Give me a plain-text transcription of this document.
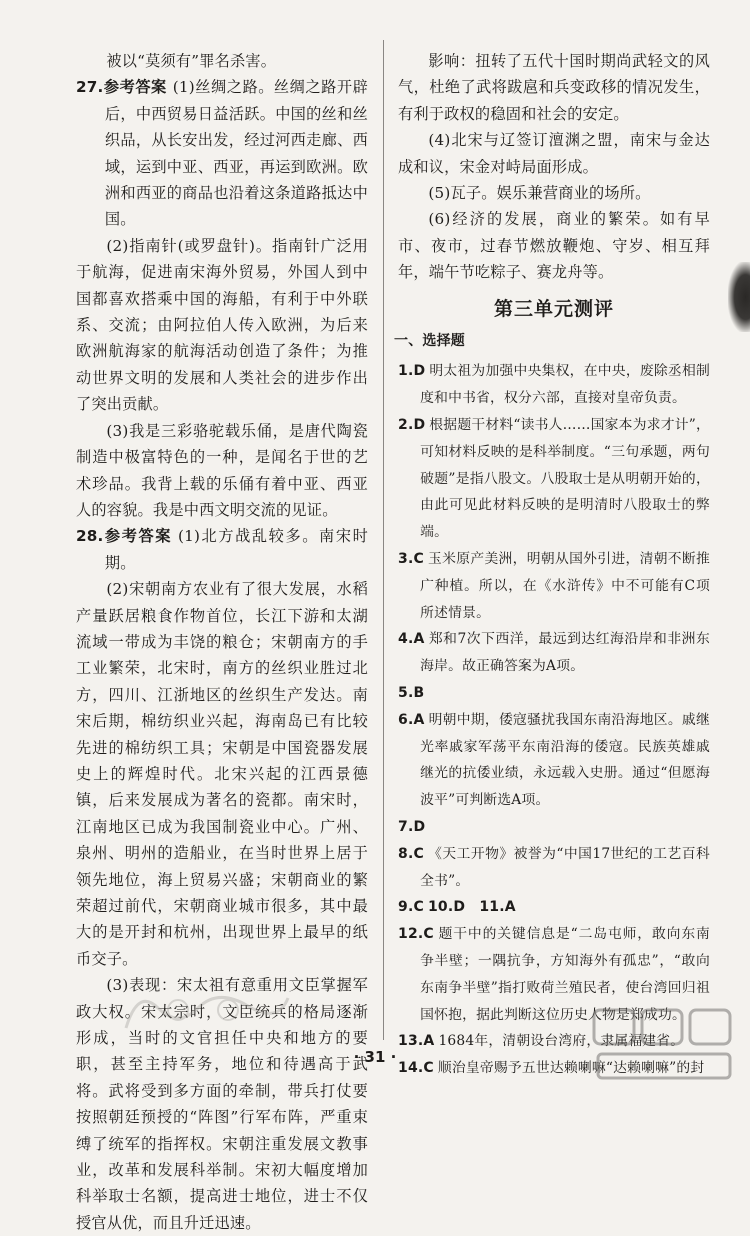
被以“莫须有”罪名杀害。

27.参考答案 (1)丝绸之路。丝绸之路开辟后，中西贸易日益活跃。中国的丝和丝织品，从长安出发，经过河西走廊、西域，运到中亚、西亚，再运到欧洲。欧洲和西亚的商品也沿着这条道路抵达中国。

(2)指南针(或罗盘针)。指南针广泛用于航海，促进南宋海外贸易，外国人到中国都喜欢搭乘中国的海船，有利于中外联系、交流；由阿拉伯人传入欧洲，为后来欧洲航海家的航海活动创造了条件；为推动世界文明的发展和人类社会的进步作出了突出贡献。

(3)我是三彩骆驼载乐俑，是唐代陶瓷制造中极富特色的一种，是闻名于世的艺术珍品。我背上载的乐俑有着中亚、西亚人的容貌。我是中西文明交流的见证。

28.参考答案 (1)北方战乱较多。南宋时期。

(2)宋朝南方农业有了很大发展，水稻产量跃居粮食作物首位，长江下游和太湖流域一带成为丰饶的粮仓；宋朝南方的手工业繁荣，北宋时，南方的丝织业胜过北方，四川、江浙地区的丝织生产发达。南宋后期，棉纺织业兴起，海南岛已有比较先进的棉纺织工具；宋朝是中国瓷器发展史上的辉煌时代。北宋兴起的江西景德镇，后来发展成为著名的瓷都。南宋时，江南地区已成为我国制瓷业中心。广州、泉州、明州的造船业，在当时世界上居于领先地位，海上贸易兴盛；宋朝商业的繁荣超过前代，宋朝商业城市很多，其中最大的是开封和杭州，出现世界上最早的纸币交子。

(3)表现：宋太祖有意重用文臣掌握军政大权。宋太宗时，文臣统兵的格局逐渐形成，当时的文官担任中央和地方的要职，甚至主持军务，地位和待遇高于武将。武将受到多方面的牵制，带兵打仗要按照朝廷预授的“阵图”行军布阵，严重束缚了统军的指挥权。宋朝注重发展文教事业，改革和发展科举制。宋初大幅度增加科举取士名额，提高进士地位，进士不仅授官从优，而且升迁迅速。

影响：扭转了五代十国时期尚武轻文的风气，杜绝了武将跋扈和兵变政移的情况发生，有利于政权的稳固和社会的安定。

(4)北宋与辽签订澶渊之盟，南宋与金达成和议，宋金对峙局面形成。

(5)瓦子。娱乐兼营商业的场所。

(6)经济的发展，商业的繁荣。如有早市、夜市，过春节燃放鞭炮、守岁、相互拜年，端午节吃粽子、赛龙舟等。

第三单元测评
一、选择题

1.D 明太祖为加强中央集权，在中央，废除丞相制度和中书省，权分六部，直接对皇帝负责。

2.D 根据题干材料“读书人……国家本为求才计”，可知材料反映的是科举制度。“三句承题，两句破题”是指八股文。八股取士是从明朝开始的，由此可见此材料反映的是明清时八股取士的弊端。

3.C 玉米原产美洲，明朝从国外引进，清朝不断推广种植。所以，在《水浒传》中不可能有C项所述情景。

4.A 郑和7次下西洋，最远到达红海沿岸和非洲东海岸。故正确答案为A项。

5.B

6.A 明朝中期，倭寇骚扰我国东南沿海地区。戚继光率戚家军荡平东南沿海的倭寇。民族英雄戚继光的抗倭业绩，永远载入史册。通过“但愿海波平”可判断选A项。

7.D

8.C 《天工开物》被誉为“中国17世纪的工艺百科全书”。

9.C 10.D　11.A

12.C 题干中的关键信息是“二岛屯师，敢向东南争半壁；一隅抗争，方知海外有孤忠”，“敢向东南争半壁”指打败荷兰殖民者，使台湾回归祖国怀抱，据此判断这位历史人物是郑成功。

13.A 1684年，清朝设台湾府，隶属福建省。

14.C 顺治皇帝赐予五世达赖喇嘛“达赖喇嘛”的封

· 31 ·
